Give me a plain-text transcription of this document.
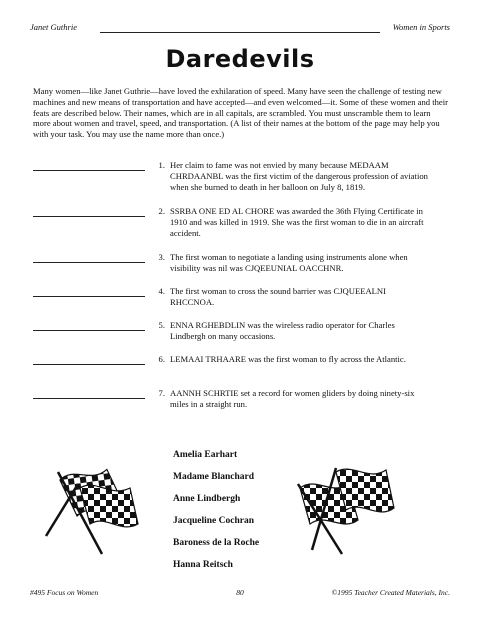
Janet Guthrie	Women in Sports
Daredevils
Many women—like Janet Guthrie—have loved the exhilaration of speed. Many have seen the challenge of testing new machines and new means of transportation and have accepted—and even welcomed—it. Some of these women and their feats are described below. Their names, which are in all capitals, are scrambled. You must unscramble them to learn more about women and travel, speed, and transportation. (A list of their names at the bottom of the page may help you with your task. You may use the name more than once.)
1. Her claim to fame was not envied by many because MEDAAM CHRDAANBL was the first victim of the dangerous profession of aviation when she burned to death in her balloon on July 8, 1819.
2. SSRBA ONE ED AL CHORE was awarded the 36th Flying Certificate in 1910 and was killed in 1919. She was the first woman to die in an aircraft accident.
3. The first woman to negotiate a landing using instruments alone when visibility was nil was CJQEEUNIAL OACCHNR.
4. The first woman to cross the sound barrier was CJQUEEALNI RHCCNOA.
5. ENNA RGHEBDLIN was the wireless radio operator for Charles Lindbergh on many occasions.
6. LEMAAI TRHAARE was the first woman to fly across the Atlantic.
7. AANNH SCHRTIE set a record for women gliders by doing ninety-six miles in a straight run.
Amelia Earhart
Madame Blanchard
Anne Lindbergh
Jacqueline Cochran
Baroness de la Roche
Hanna Reitsch
#495 Focus on Women	80	©1995 Teacher Created Materials, Inc.
